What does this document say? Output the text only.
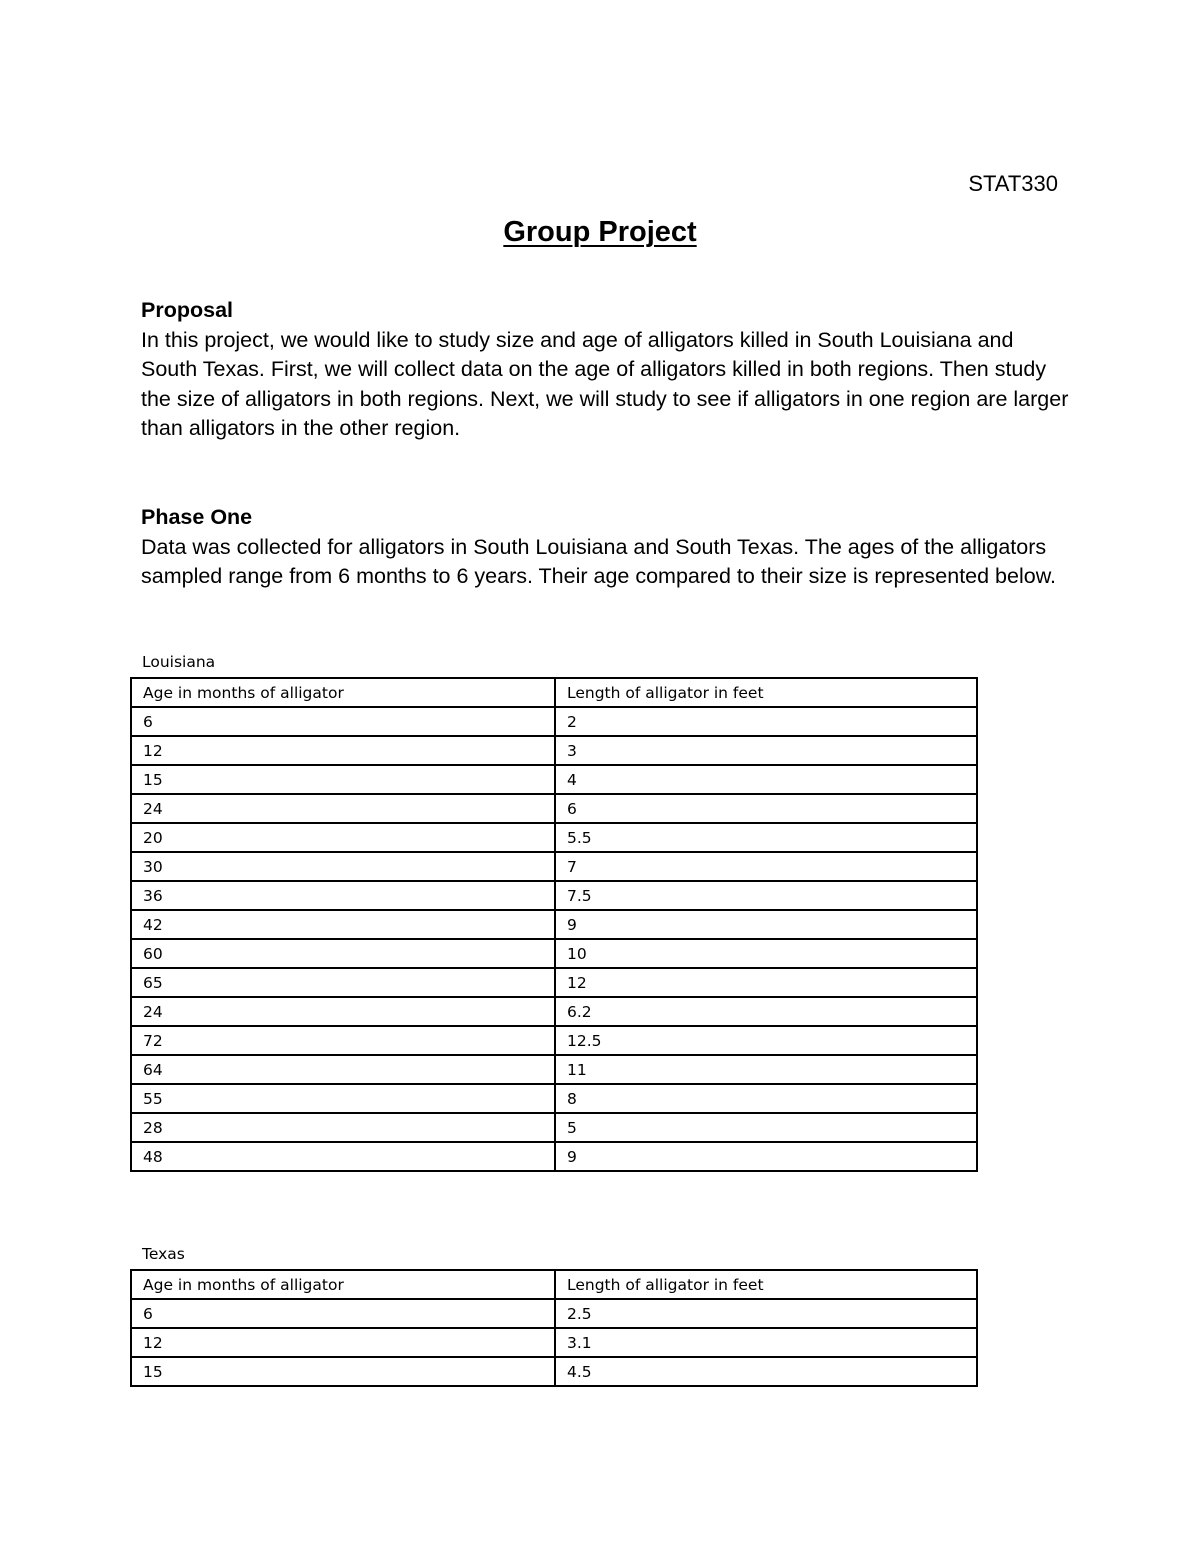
STAT330
Group Project
Proposal
In this project, we would like to study size and age of alligators killed in South Louisiana and South Texas. First, we will collect data on the age of alligators killed in both regions. Then study the size of alligators in both regions. Next, we will study to see if alligators in one region are larger than alligators in the other region.
Phase One
Data was collected for alligators in South Louisiana and South Texas. The ages of the alligators sampled range from 6 months to 6 years. Their age compared to their size is represented below.
Louisiana
Age in months of alligator	Length of alligator in feet
6	2
12	3
15	4
24	6
20	5.5
30	7
36	7.5
42	9
60	10
65	12
24	6.2
72	12.5
64	11
55	8
28	5
48	9
Texas
Age in months of alligator	Length of alligator in feet
6	2.5
12	3.1
15	4.5
